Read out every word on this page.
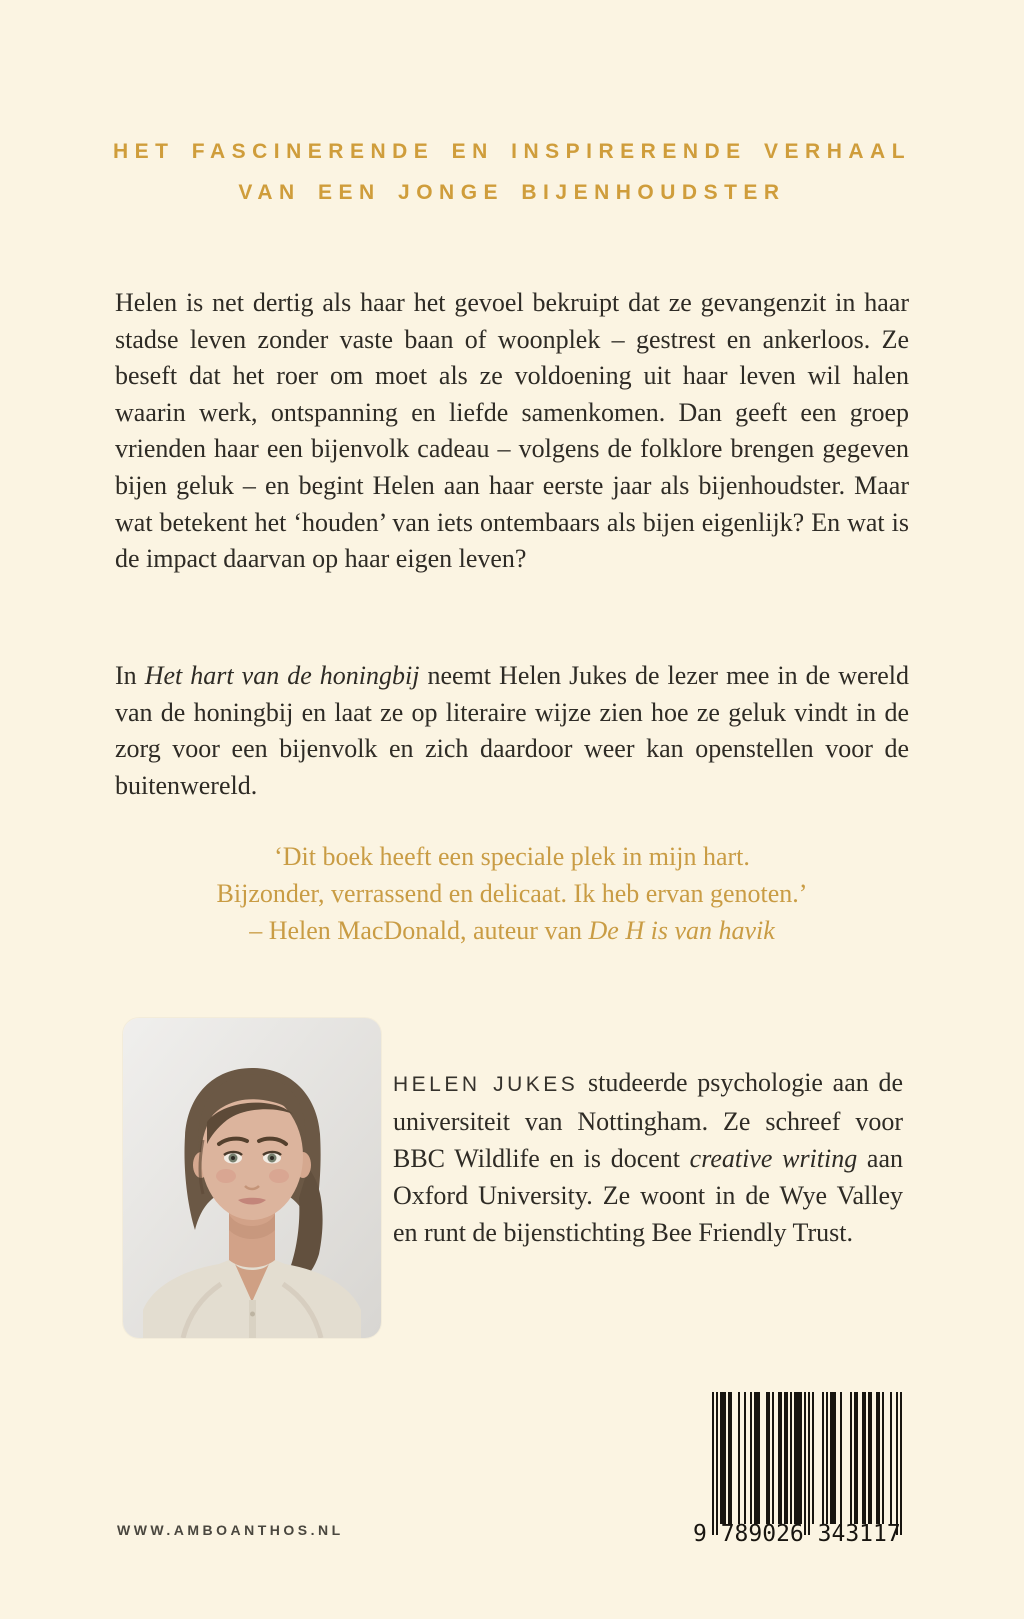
HET FASCINERENDE EN INSPIRERENDE VERHAAL
VAN EEN JONGE BIJENHOUDSTER

Helen is net dertig als haar het gevoel bekruipt dat ze gevangenzit in haar stadse leven zonder vaste baan of woonplek – gestrest en ankerloos. Ze beseft dat het roer om moet als ze voldoening uit haar leven wil halen waarin werk, ontspanning en liefde samenkomen. Dan geeft een groep vrienden haar een bijenvolk cadeau – volgens de folklore brengen gegeven bijen geluk – en begint Helen aan haar eerste jaar als bijenhoudster. Maar wat betekent het ‘houden’ van iets ontembaars als bijen eigenlijk? En wat is de impact daarvan op haar eigen leven?

In Het hart van de honingbij neemt Helen Jukes de lezer mee in de wereld van de honingbij en laat ze op literaire wijze zien hoe ze geluk vindt in de zorg voor een bijenvolk en zich daardoor weer kan openstellen voor de buitenwereld.

‘Dit boek heeft een speciale plek in mijn hart.
Bijzonder, verrassend en delicaat. Ik heb ervan genoten.’
– Helen MacDonald, auteur van De H is van havik

HELEN JUKES studeerde psychologie aan de universiteit van Nottingham. Ze schreef voor BBC Wildlife en is docent creative writing aan Oxford University. Ze woont in de Wye Valley en runt de bijenstichting Bee Friendly Trust.

WWW.AMBOANTHOS.NL	9 789026 343117
